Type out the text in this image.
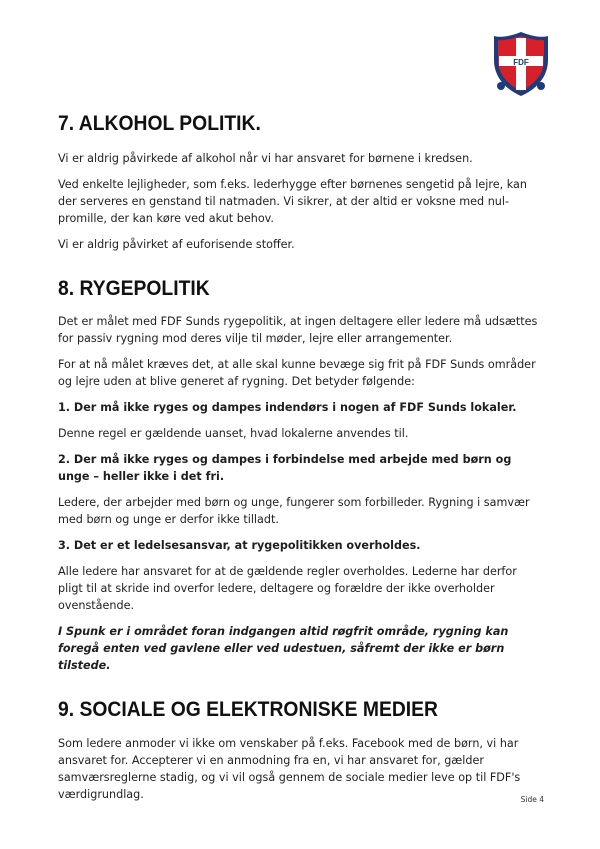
FDF
7. ALKOHOL POLITIK.

Vi er aldrig påvirkede af alkohol når vi har ansvaret for børnene i kredsen.

Ved enkelte lejligheder, som f.eks. lederhygge efter børnenes sengetid på lejre, kan der serveres en genstand til natmaden. Vi sikrer, at der altid er voksne med nul-promille, der kan køre ved akut behov.

Vi er aldrig påvirket af euforisende stoffer.

8. RYGEPOLITIK

Det er målet med FDF Sunds rygepolitik, at ingen deltagere eller ledere må udsættes for passiv rygning mod deres vilje til møder, lejre eller arrangementer.

For at nå målet kræves det, at alle skal kunne bevæge sig frit på FDF Sunds områder og lejre uden at blive generet af rygning. Det betyder følgende:

1. Der må ikke ryges og dampes indendørs i nogen af FDF Sunds lokaler.

Denne regel er gældende uanset, hvad lokalerne anvendes til.

2. Der må ikke ryges og dampes i forbindelse med arbejde med børn og unge – heller ikke i det fri.

Ledere, der arbejder med børn og unge, fungerer som forbilleder. Rygning i samvær med børn og unge er derfor ikke tilladt.

3. Det er et ledelsesansvar, at rygepolitikken overholdes.

Alle ledere har ansvaret for at de gældende regler overholdes. Lederne har derfor pligt til at skride ind overfor ledere, deltagere og forældre der ikke overholder ovenstående.

I Spunk er i området foran indgangen altid røgfrit område, rygning kan foregå enten ved gavlene eller ved udestuen, såfremt der ikke er børn tilstede.

9. SOCIALE OG ELEKTRONISKE MEDIER

Som ledere anmoder vi ikke om venskaber på f.eks. Facebook med de børn, vi har ansvaret for. Accepterer vi en anmodning fra en, vi har ansvaret for, gælder samværsreglerne stadig, og vi vil også gennem de sociale medier leve op til FDF's værdigrundlag.	Side 4
